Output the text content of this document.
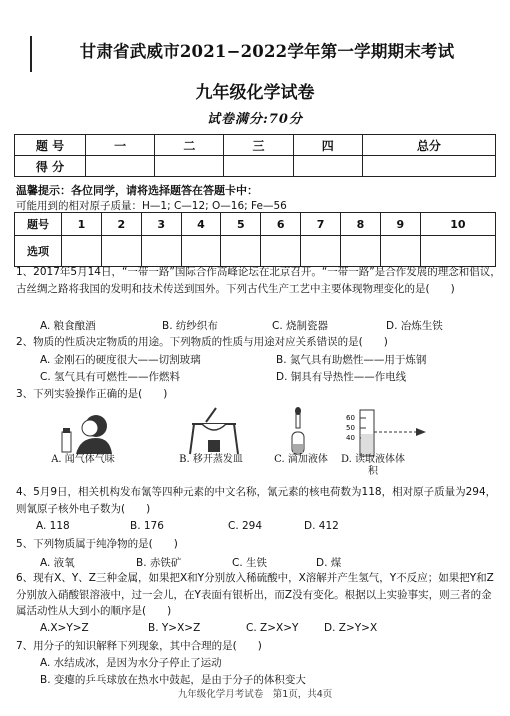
甘肃省武威市2021−2022学年第一学期期末考试
九年级化学试卷
试卷满分:70分
题 号	一	二	三	四	总分
得 分					
温馨提示：各位同学，请将选择题答在答题卡中：
可能用到的相对原子质量：H—1; C—12; O—16; Fe—56
题号	1	2	3	4	5	6	7	8	9	10
选项										
1、2017年5月14日，“一带一路”国际合作高峰论坛在北京召开。“一带一路”是合作发展的理念和倡议，古丝绸之路将我国的发明和技术传送到国外。下列古代生产工艺中主要体现物理变化的是(　　)
A. 粮食酿酒	B. 纺纱织布	C. 烧制瓷器	D. 冶炼生铁
2、物质的性质决定物质的用途。下列物质的性质与用途对应关系错误的是(　　)
A. 金刚石的硬度很大——切割玻璃	B. 氮气具有助燃性——用于炼钢
C. 氢气具有可燃性——作燃料	D. 铜具有导热性——作电线
3、下列实验操作正确的是(　　)
A. 闻气体气味	B. 移开蒸发皿	C. 滴加液体
60
50
40
D. 读取液体体积
4、5月9日，相关机构发布氰等四种元素的中文名称，氰元素的核电荷数为118，相对原子质量为294，则氰原子核外电子数为(　　)
A. 118	B. 176	C. 294	D. 412
5、下列物质属于纯净物的是(　　)
A. 液氧	B. 赤铁矿	C. 生铁	D. 煤
6、现有X、Y、Z三种金属，如果把X和Y分别放入稀硫酸中，X溶解并产生氢气，Y不反应；如果把Y和Z分别放入硝酸银溶液中，过一会儿，在Y表面有银析出，而Z没有变化。根据以上实验事实，则三者的金属活动性从大到小的顺序是(　　)
A.X>Y>Z	B. Y>X>Z	C. Z>X>Y D. Z>Y>X
7、用分子的知识解释下列现象，其中合理的是(　　)
A. 水结成冰，是因为水分子停止了运动
B. 变瘪的乒乓球放在热水中鼓起，是由于分子的体积变大
九年级化学月考试卷　第1页，共4页
